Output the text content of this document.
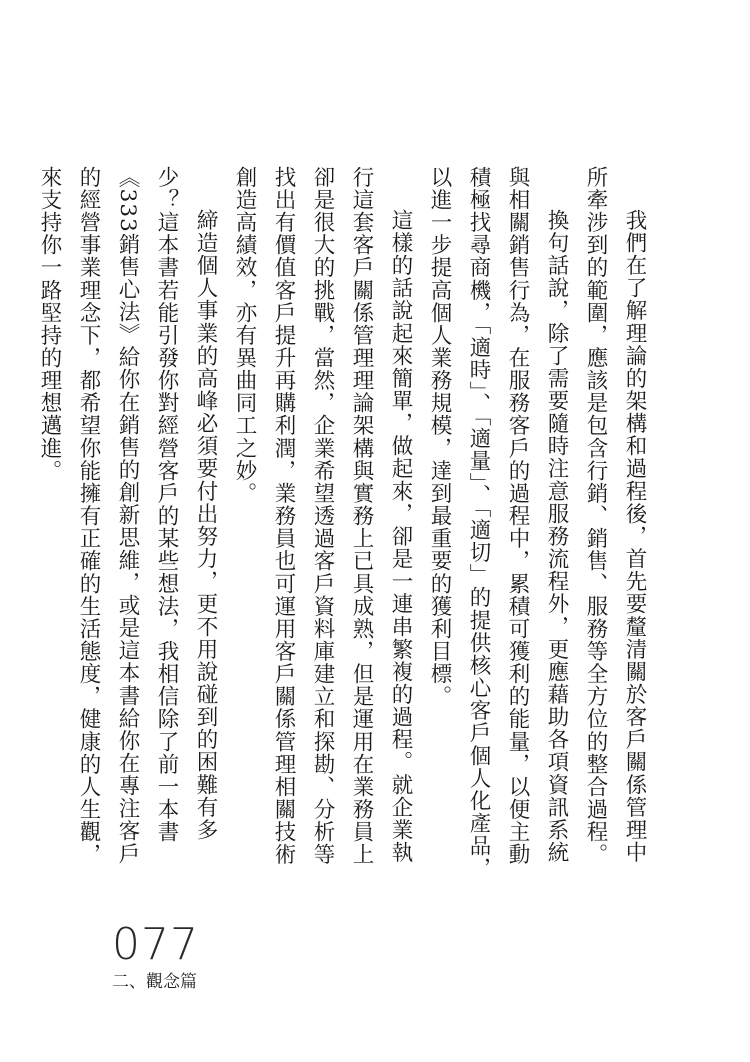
我們在了解理論的架構和過程後，首先要釐清關於客戶關係管理中所牽涉到的範圍，應該是包含行銷、銷售、服務等全方位的整合過程。

換句話說，除了需要隨時注意服務流程外，更應藉助各項資訊系統與相關銷售行為，在服務客戶的過程中，累積可獲利的能量，以便主動積極找尋商機，「適時」、「適量」、「適切」的提供核心客戶個人化產品，以進一步提高個人業務規模，達到最重要的獲利目標。

這樣的話說起來簡單，做起來，卻是一連串繁複的過程。就企業執行這套客戶關係管理理論架構與實務上已具成熟，但是運用在業務員上卻是很大的挑戰，當然，企業希望透過客戶資料庫建立和探勘、分析等找出有價值客戶提升再購利潤，業務員也可運用客戶關係管理相關技術創造高績效，亦有異曲同工之妙。

締造個人事業的高峰必須要付出努力，更不用說碰到的困難有多少？這本書若能引發你對經營客戶的某些想法，我相信除了前一本書《333銷售心法》給你在銷售的創新思維，或是這本書給你在專注客戶的經營事業理念下，都希望你能擁有正確的生活態度，健康的人生觀，來支持你一路堅持的理想邁進。

077
二、觀念篇
